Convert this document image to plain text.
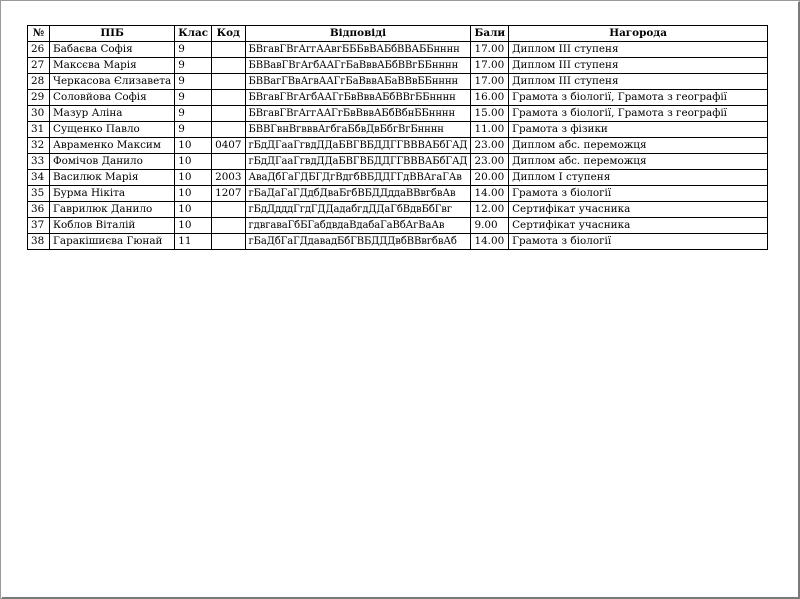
№	ПІБ	Клас	Код	Відповіді	Бали	Нагорода
26	Бабаєва Софія	9		БВгавГВгАггААвгБББвВАБбВВАББнннн	17.00	Диплом ІІІ ступеня
27	Максєва Марія	9		БВВавГВгАгбААГгБаВввАБбВВгББнннн	17.00	Диплом ІІІ ступеня
28	Черкасова Єлизавета	9		БВВагГВвАгвААГгБаВввАБаВВвББнннн	17.00	Диплом ІІІ ступеня
29	Соловйова Софія	9		БВгавГВгАгбААГгБвВввАБбВВгББнннн	16.00	Грамота з біології, Грамота з географії
30	Мазур Аліна	9		БВгавГВгАггААГгБвВввАБбВбнББнннн	15.00	Грамота з біології, Грамота з географії
31	Сущенко Павло	9		БВВГвнВгвввАгбгаБбвДвБбгВгБнннн	11.00	Грамота з фізики
32	Авраменко Максим	10	0407	гБдДГааГгвдДДаБВГВБДДГГВВВАБбГАД	23.00	Диплом абс. переможця
33	Фомічов Данило	10		гБдДГааГгвдДДаБВГВБДДГГВВВАБбГАД	23.00	Диплом абс. переможця
34	Василюк Марія	10	2003	АваДбГаГДБГДгВдгбВБДДГГдВВАгаГАв	20.00	Диплом І ступеня
35	Бурма Нікіта	10	1207	гБаДаГаГДдбДваБгбВБДДддаВВвгбвАв	14.00	Грамота з біології
36	Гаврилюк Данило	10		гБдДдддГгдГДДадабгдДДаГбВдвБбГвг	12.00	Сертифікат учасника
37	Коблов Віталій	10		гдвгаваГбБГабдвдаВдабаГаВбАгВаАв	9.00	Сертифікат учасника
38	Гаракішиєва Гюнай	11		гБаДбГаГДдавадБбГВБДДДвбВВвгбвАб	14.00	Грамота з біології
